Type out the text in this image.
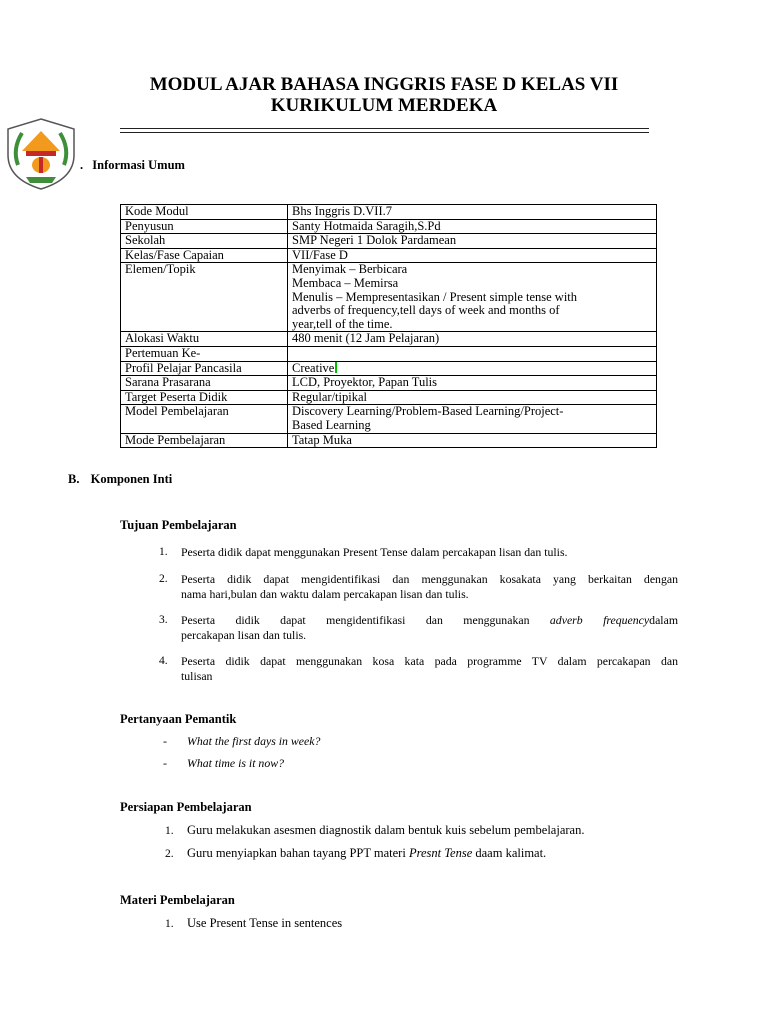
MODUL AJAR BAHASA INGGRIS FASE D KELAS VII
KURIKULUM MERDEKA
. Informasi Umum
Kode Modul	Bhs Inggris D.VII.7
Penyusun	Santy Hotmaida Saragih,S.Pd
Sekolah	SMP Negeri 1 Dolok Pardamean
Kelas/Fase Capaian	VII/Fase D
Elemen/Topik	Menyimak – Berbicara
Membaca – Memirsa
Menulis – Mempresentasikan / Present simple tense with
adverbs of frequency,tell days of week and months of
year,tell of the time.

Alokasi Waktu	480 menit (12 Jam Pelajaran)
Pertemuan Ke-	
Profil Pelajar Pancasila	Creative
Sarana Prasarana	LCD, Proyektor, Papan Tulis
Target Peserta Didik	Regular/tipikal
Model Pembelajaran	Discovery Learning/Problem-Based Learning/Project-
Based Learning

Mode Pembelajaran	Tatap Muka
B. Komponen Inti
Tujuan Pembelajaran
1. Peserta didik dapat menggunakan Present Tense dalam percakapan lisan dan tulis.
2. Peserta didik dapat mengidentifikasi dan menggunakan kosakata yang berkaitan dengan
nama hari,bulan dan waktu dalam percakapan lisan dan tulis.
3. Peserta didik dapat mengidentifikasi dan menggunakan adverb frequencydalam
percakapan lisan dan tulis.
4. Peserta didik dapat menggunakan kosa kata pada programme TV dalam percakapan dan
tulisan
Pertanyaan Pemantik
- What the first days in week?
- What time is it now?
Persiapan Pembelajaran
1. Guru melakukan asesmen diagnostik dalam bentuk kuis sebelum pembelajaran.
2. Guru menyiapkan bahan tayang PPT materi Presnt Tense daam kalimat.
Materi Pembelajaran
1. Use Present Tense in sentences
